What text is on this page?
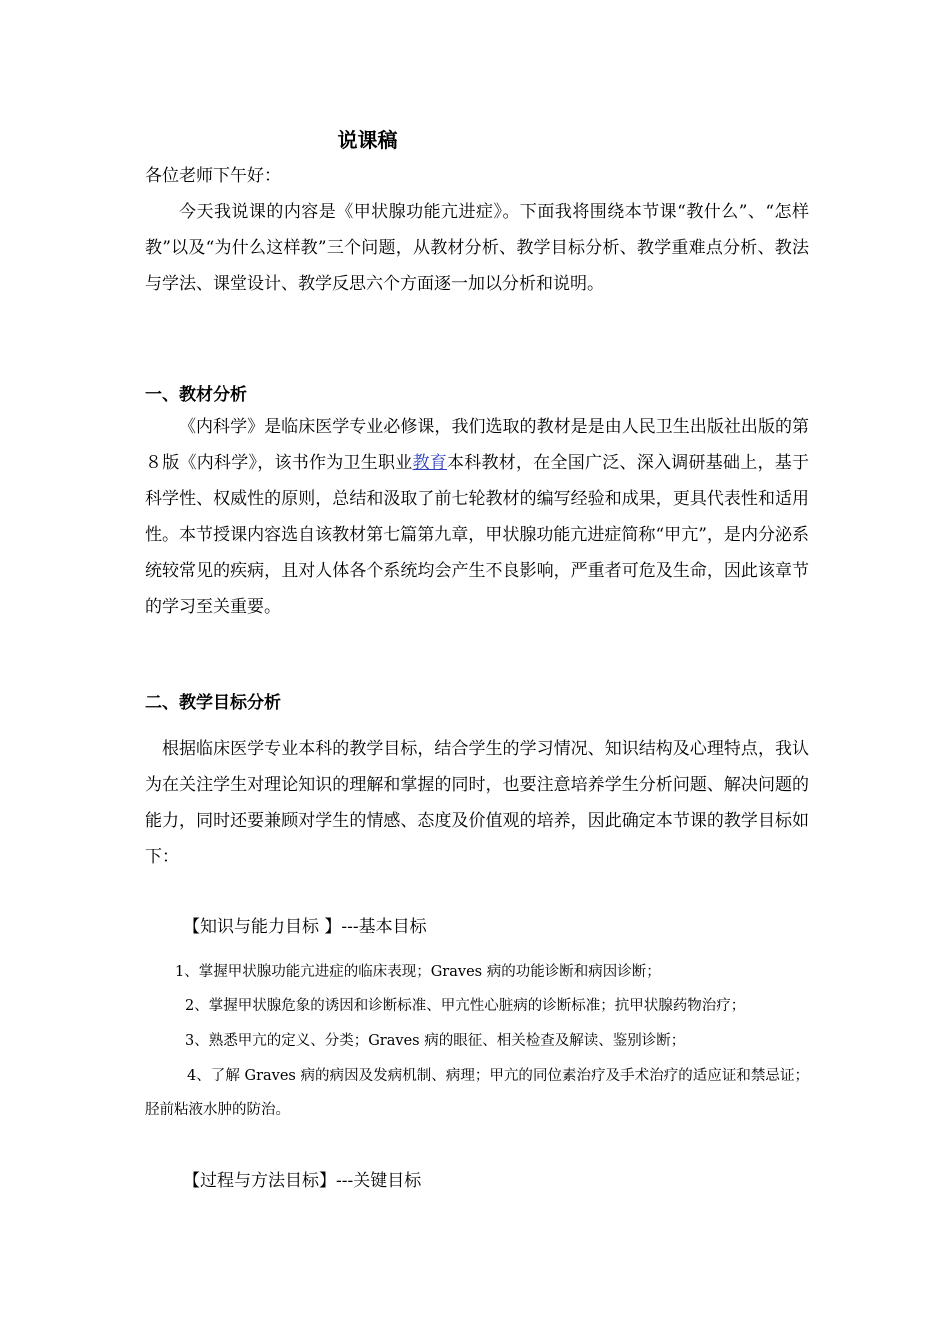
说课稿

各位老师下午好：

今天我说课的内容是《甲状腺功能亢进症》。下面我将围绕本节课“教什么”、“怎样教”以及“为什么这样教”三个问题，从教材分析、教学目标分析、教学重难点分析、教法与学法、课堂设计、教学反思六个方面逐一加以分析和说明。

一、教材分析

《内科学》是临床医学专业必修课，我们选取的教材是是由人民卫生出版社出版的第８版《内科学》，该书作为卫生职业教育本科教材，在全国广泛、深入调研基础上，基于科学性、权威性的原则，总结和汲取了前七轮教材的编写经验和成果，更具代表性和适用性。本节授课内容选自该教材第七篇第九章，甲状腺功能亢进症简称“甲亢”，是内分泌系统较常见的疾病，且对人体各个系统均会产生不良影响，严重者可危及生命，因此该章节的学习至关重要。

二、教学目标分析

根据临床医学专业本科的教学目标，结合学生的学习情况、知识结构及心理特点，我认为在关注学生对理论知识的理解和掌握的同时，也要注意培养学生分析问题、解决问题的能力，同时还要兼顾对学生的情感、态度及价值观的培养，因此确定本节课的教学目标如下：

【知识与能力目标 】---基本目标
1、掌握甲状腺功能亢进症的临床表现；Graves 病的功能诊断和病因诊断；
2、掌握甲状腺危象的诱因和诊断标准、甲亢性心脏病的诊断标准；抗甲状腺药物治疗；
3、熟悉甲亢的定义、分类；Graves 病的眼征、相关检查及解读、鉴别诊断；
4、了解 Graves 病的病因及发病机制、病理；甲亢的同位素治疗及手术治疗的适应证和禁忌证；胫前粘液水肿的防治。
【过程与方法目标】---关键目标
